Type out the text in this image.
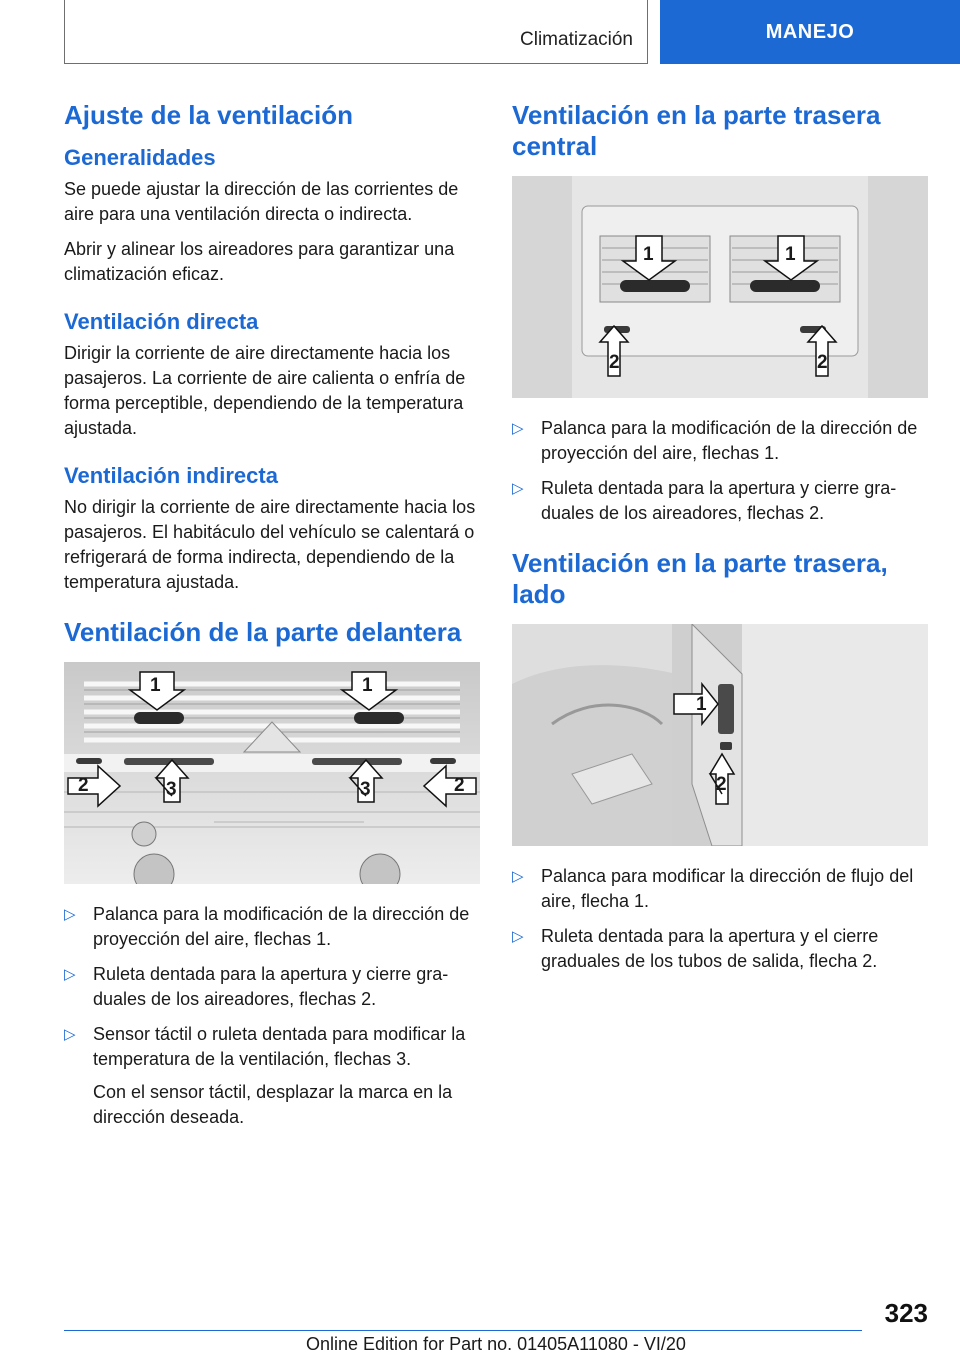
Climatización	MANEJO
Ajuste de la ventilación
Generalidades

Se puede ajustar la dirección de las corrientes de aire para una ventilación directa o indirecta.

Abrir y alinear los aireadores para garantizar una climatización eficaz.

Ventilación directa

Dirigir la corriente de aire directamente hacia los pasajeros. La corriente de aire calienta o enfría de forma perceptible, dependiendo de la temperatura ajustada.

Ventilación indirecta

No dirigir la corriente de aire directamente hacia los pasajeros. El habitáculo del vehículo se calentará o refrigerará de forma indirecta, dependiendo de la temperatura ajustada.

Ventilación de la parte delantera
1	1
2	2
3	3
▷ Palanca para la modificación de la dirección de proyección del aire, flechas 1.
▷ Ruleta dentada para la apertura y cierre graduales de los aireadores, flechas 2.
▷ Sensor táctil o ruleta dentada para modificar la temperatura de la ventilación, flechas 3.
Con el sensor táctil, desplazar la marca en la dirección deseada.
Ventilación en la parte trasera central
1	1
2	2
▷ Palanca para la modificación de la dirección de proyección del aire, flechas 1.
▷ Ruleta dentada para la apertura y cierre graduales de los aireadores, flechas 2.
Ventilación en la parte trasera, lado
1
2
▷ Palanca para modificar la dirección de flujo del aire, flecha 1.
▷ Ruleta dentada para la apertura y el cierre graduales de los tubos de salida, flecha 2.
323
Online Edition for Part no. 01405A11080 - VI/20
